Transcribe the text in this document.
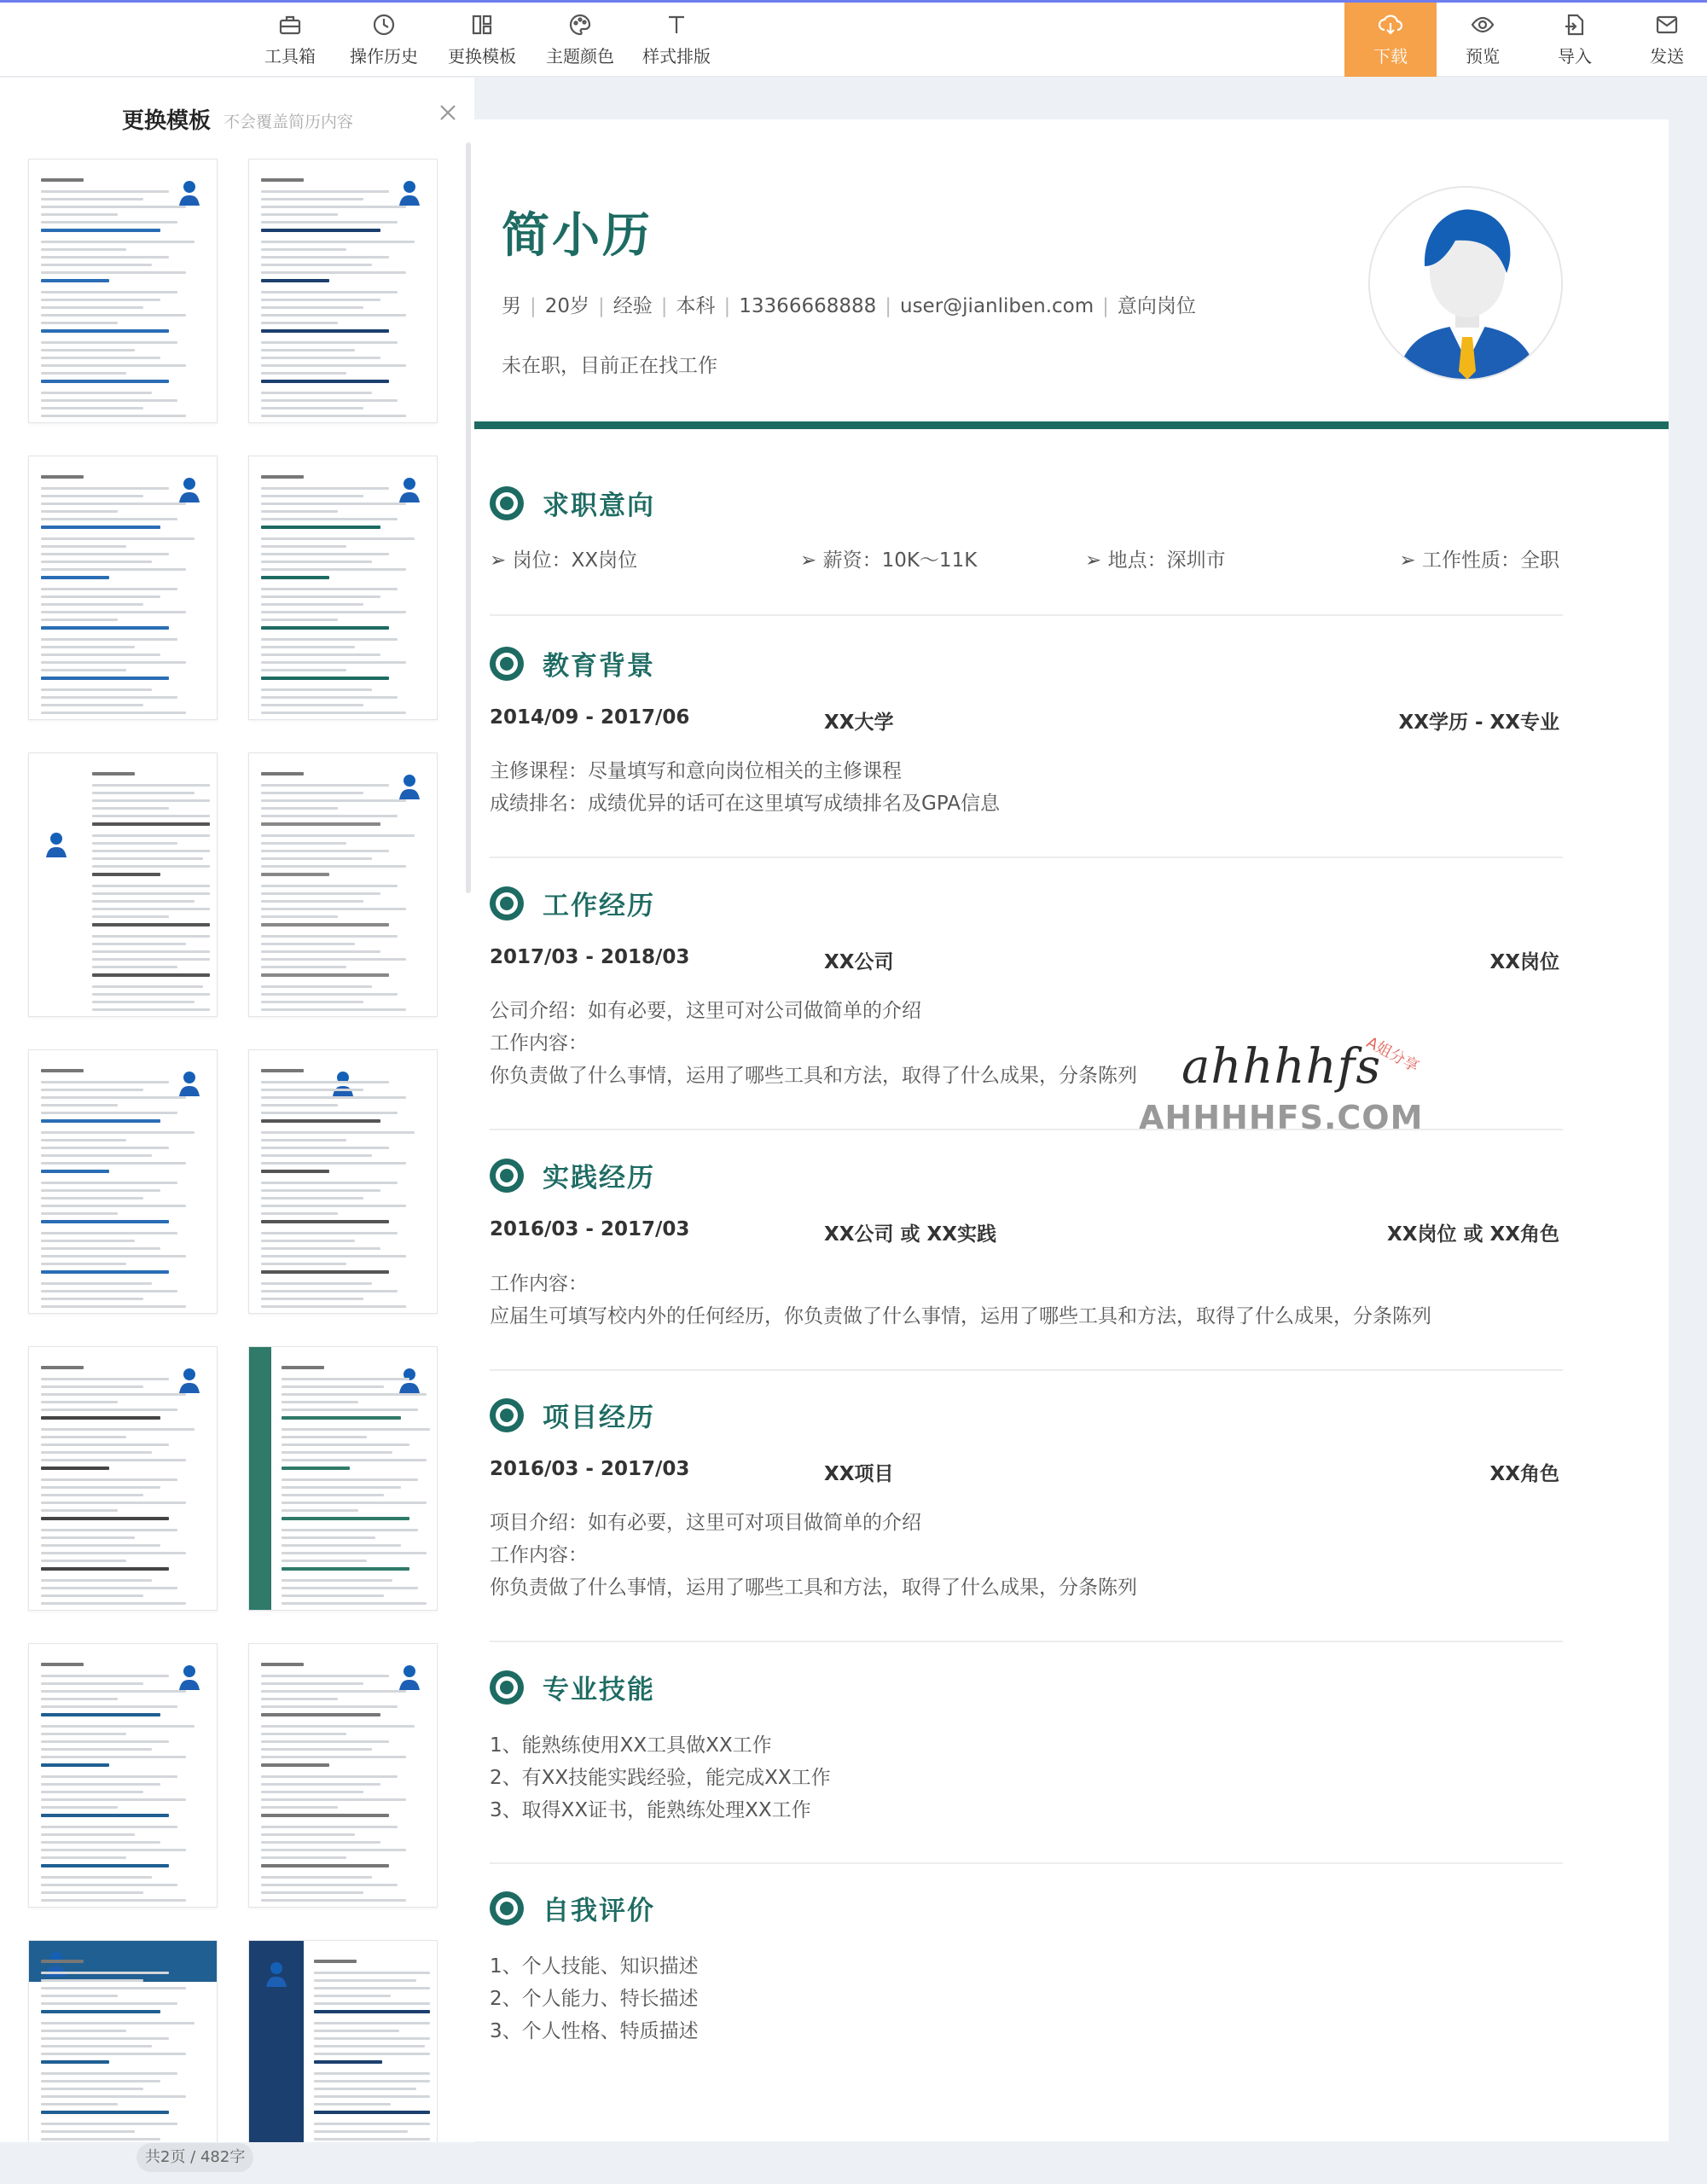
工具箱 操作历史 更换模板 主题颜色 样式排版	下载	预览	导入	发送
更换模板 不会覆盖简历内容
共2页 / 482字
简小历
男 | 20岁 | 经验 | 本科 | 13366668888 | user@jianliben.com | 意向岗位
未在职，目前正在找工作
求职意向
➢ 岗位：XX岗位	➢ 薪资：10K～11K	➢ 地点：深圳市	➢ 工作性质：全职
教育背景
2014/09 - 2017/06	XX大学	XX学历 - XX专业
主修课程：尽量填写和意向岗位相关的主修课程
成绩排名：成绩优异的话可在这里填写成绩排名及GPA信息
工作经历
2017/03 - 2018/03	XX公司	XX岗位
公司介绍：如有必要，这里可对公司做简单的介绍
工作内容：
你负责做了什么事情，运用了哪些工具和方法，取得了什么成果，分条陈列
实践经历
2016/03 - 2017/03	XX公司 或 XX实践	XX岗位 或 XX角色
工作内容：
应届生可填写校内外的任何经历，你负责做了什么事情，运用了哪些工具和方法，取得了什么成果，分条陈列
项目经历
2016/03 - 2017/03	XX项目	XX角色
项目介绍：如有必要，这里可对项目做简单的介绍
工作内容：
你负责做了什么事情，运用了哪些工具和方法，取得了什么成果，分条陈列
专业技能
1、能熟练使用XX工具做XX工作
2、有XX技能实践经验，能完成XX工作
3、取得XX证书，能熟练处理XX工作
自我评价
1、个人技能、知识描述
2、个人能力、特长描述
3、个人性格、特质描述
ahhhhfs
A姐分享
AHHHHFS.COM
